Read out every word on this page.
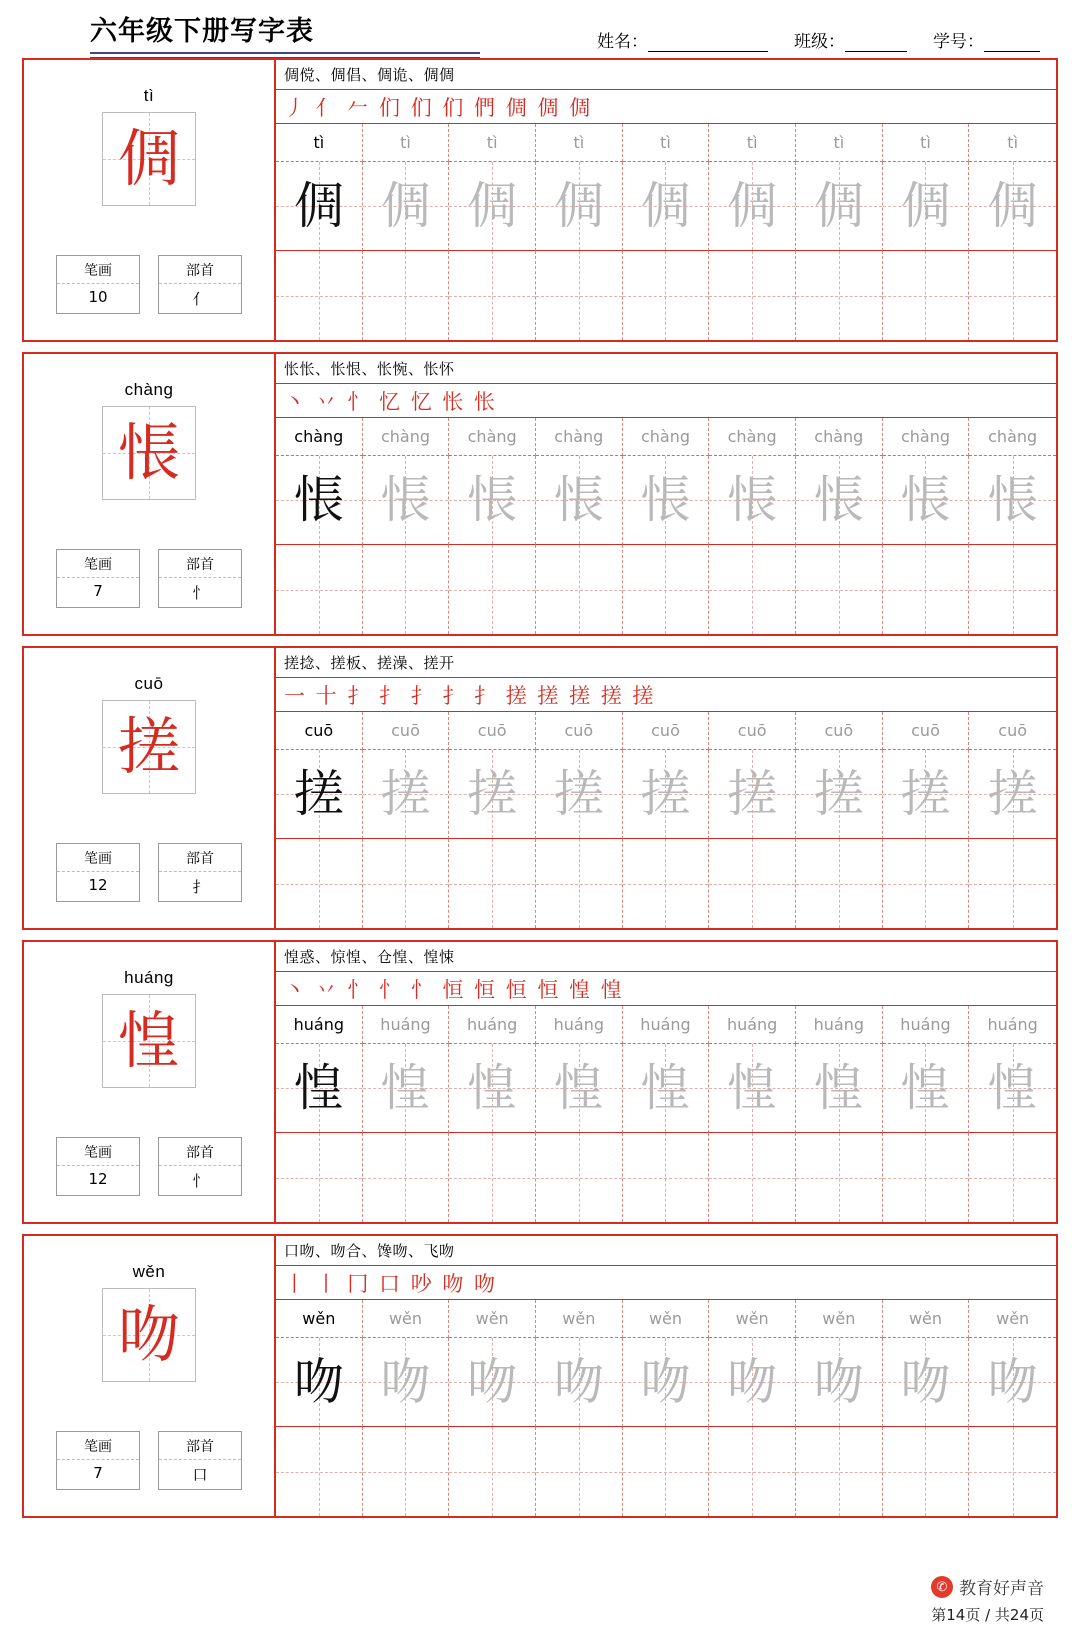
六年级下册写字表	姓名：	班级：	学号：
tì
倜
笔画
10
部首
亻
倜傥、倜倡、倜诡、倜倜
丿 亻 𠂉 们 们 们 們 倜 倜 倜
tì	tì	tì	tì	tì	tì	tì	tì	tì
倜 倜 倜 倜 倜 倜 倜 倜 倜
chàng
悵
笔画
7
部首
忄
怅怅、怅恨、怅惋、怅怀
丶 丷 忄 忆 忆 怅 怅
chàng chàng chàng chàng chàng chàng chàng chàng chàng
悵 悵 悵 悵 悵 悵 悵 悵 悵
cuō
搓
笔画
12
部首
扌
搓捻、搓板、搓澡、搓开
一 十 扌 扌 扌 扌 扌 搓 搓 搓 搓 搓
cuō	cuō	cuō	cuō	cuō	cuō	cuō	cuō	cuō
搓 搓 搓 搓 搓 搓 搓 搓 搓
huáng
惶
笔画
12
部首
忄
惶惑、惊惶、仓惶、惶悚
丶 丷 忄 忄 忄 恒 恒 恒 恒 惶 惶
huáng huáng huáng huáng huáng huáng huáng huáng huáng
惶 惶 惶 惶 惶 惶 惶 惶 惶
wěn
吻
笔画
7
部首
口
口吻、吻合、馋吻、飞吻
丨 丨 冂 口 吵 吻 吻
wěn	wěn	wěn	wěn	wěn	wěn	wěn	wěn	wěn
吻 吻 吻 吻 吻 吻 吻 吻 吻
✆ 教育好声音
第14页 / 共24页
